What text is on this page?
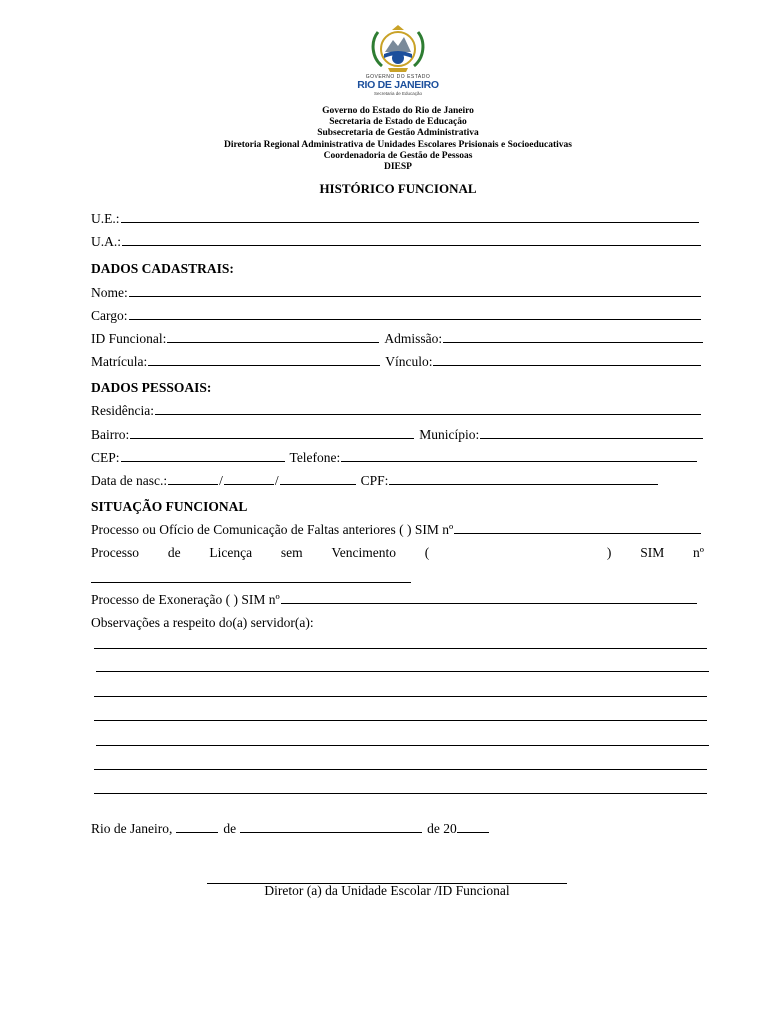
GOVERNO DO ESTADO
RIO DE JANEIRO
Secretaria de Educação
Governo do Estado do Rio de Janeiro
Secretaria de Estado de Educação
Subsecretaria de Gestão Administrativa
Diretoria Regional Administrativa de Unidades Escolares Prisionais e Socioeducativas
Coordenadoria de Gestão de Pessoas
DIESP
HISTÓRICO FUNCIONAL
U.E.:
U.A.:
DADOS CADASTRAIS:
Nome:
Cargo:
ID Funcional:	Admissão:
Matrícula:	Vínculo:
DADOS PESSOAIS:
Residência:
Bairro:	Município:
CEP:	Telefone:
Data de nasc.:	/	/	CPF:
SITUAÇÃO FUNCIONAL
Processo ou Ofício de Comunicação de Faltas anteriores ( ) SIM nº
Processo de Licença sem Vencimento (	) SIM nº
Processo de Exoneração ( ) SIM nº
Observações a respeito do(a) servidor(a):
Rio de Janeiro,	de	de 20
Diretor (a) da Unidade Escolar /ID Funcional
